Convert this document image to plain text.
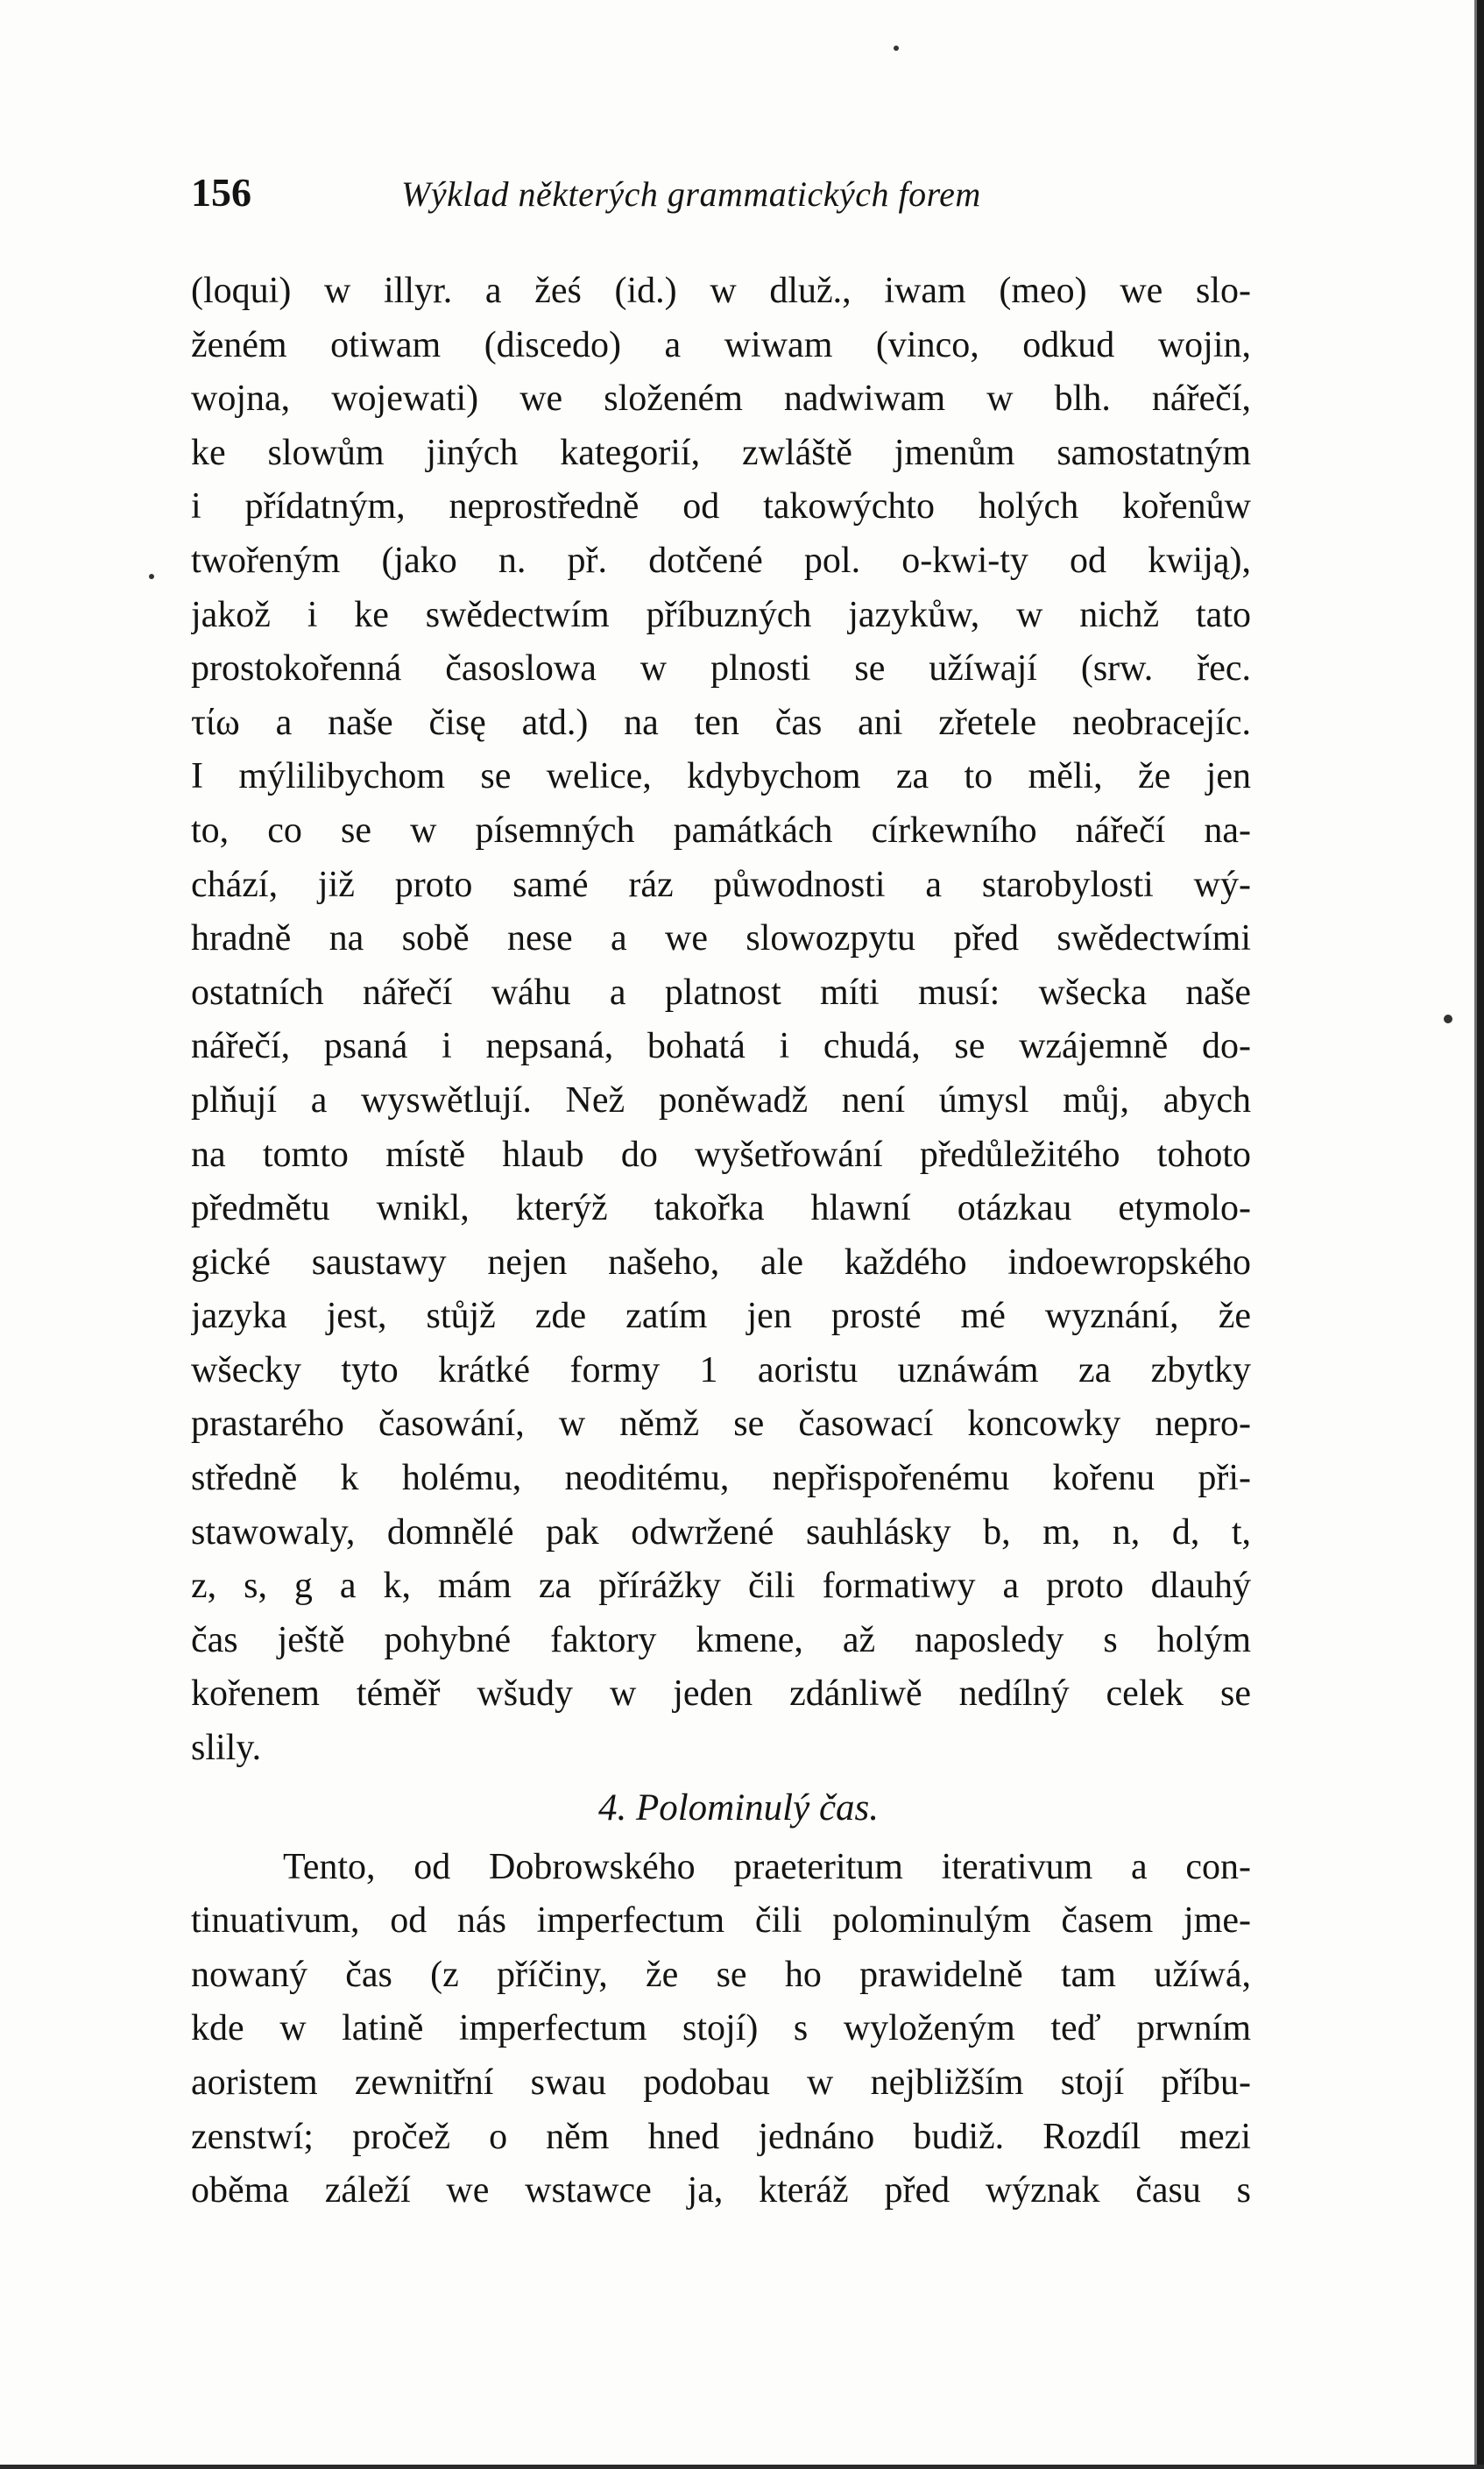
156	Wýklad některých grammatických forem
(loqui) w illyr. a žeś (id.) w dluž., iwam (meo) we slo-
ženém otiwam (discedo) a wiwam (vinco, odkud wojin,
wojna, wojewati) we složeném nadwiwam w blh. nářečí,
ke slowům jiných kategorií, zwláště jmenům samostatným
i přídatným, neprostředně od takowýchto holých kořenůw
twořeným (jako n. př. dotčené pol. o-kwi-ty od kwiją),
jakož i ke swědectwím příbuzných jazykůw, w nichž tato
prostokořenná časoslowa w plnosti se užíwají (srw. řec.
τίω a naše čisę atd.) na ten čas ani zřetele neobracejíc.
I mýlilibychom se welice, kdybychom za to měli, že jen
to, co se w písemných památkách církewního nářečí na-
chází, již proto samé ráz půwodnosti a starobylosti wý-
hradně na sobě nese a we slowozpytu před swědectwími
ostatních nářečí wáhu a platnost míti musí: wšecka naše
nářečí, psaná i nepsaná, bohatá i chudá, se wzájemně do-
plňují a wyswětlují. Než poněwadž není úmysl můj, abych
na tomto místě hlaub do wyšetřowání předůležitého tohoto
předmětu wnikl, kterýž takořka hlawní otázkau etymolo-
gické saustawy nejen našeho, ale každého indoewropského
jazyka jest, stůjž zde zatím jen prosté mé wyznání, že
wšecky tyto krátké formy 1 aoristu uznáwám za zbytky
prastarého časowání, w němž se časowací koncowky nepro-
středně k holému, neoditému, nepřispořenému kořenu při-
stawowaly, domnělé pak odwržené sauhlásky b, m, n, d, t,
z, s, g a k, mám za přírážky čili formatiwy a proto dlauhý
čas ještě pohybné faktory kmene, až naposledy s holým
kořenem téměř wšudy w jeden zdánliwě nedílný celek se
slily.
4. Polominulý čas.
Tento, od Dobrowského praeteritum iterativum a con-
tinuativum, od nás imperfectum čili polominulým časem jme-
nowaný čas (z příčiny, že se ho prawidelně tam užíwá,
kde w latině imperfectum stojí) s wyloženým teď prwním
aoristem zewnitřní swau podobau w nejbližším stojí příbu-
zenstwí; pročež o něm hned jednáno budiž. Rozdíl mezi
oběma záleží we wstawce ja, kteráž před wýznak času s
